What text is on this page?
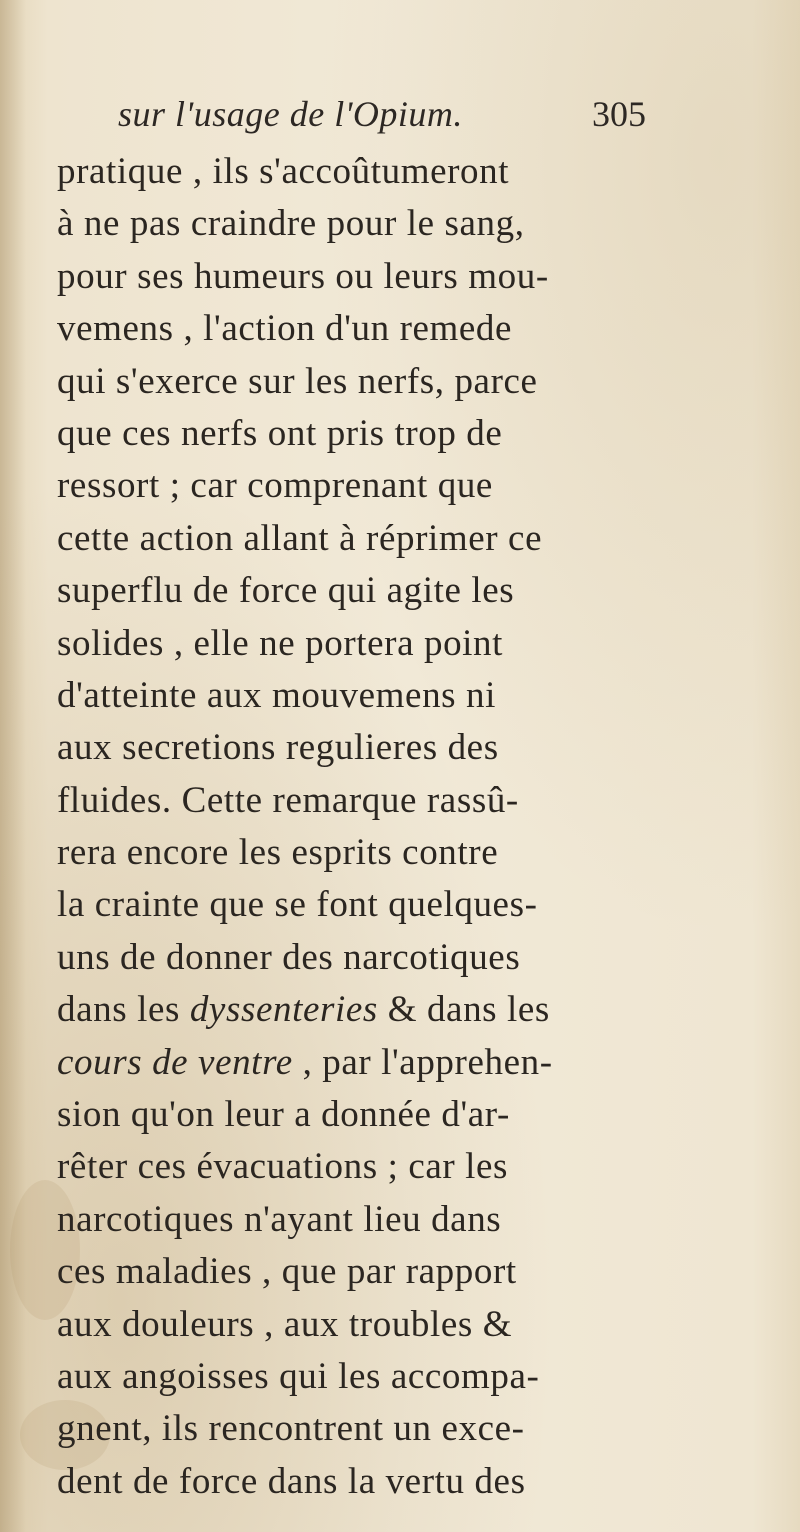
sur l'usage de l'Opium.	305
pratique , ils s'accoûtumeront
à ne pas craindre pour le sang,
pour ses humeurs ou leurs mou-
vemens , l'action d'un remede
qui s'exerce sur les nerfs, parce
que ces nerfs ont pris trop de
ressort ; car comprenant que
cette action allant à réprimer ce
superflu de force qui agite les
solides , elle ne portera point
d'atteinte aux mouvemens ni
aux secretions regulieres des
fluides. Cette remarque rassû-
rera encore les esprits contre
la crainte que se font quelques-
uns de donner des narcotiques
dans les dyssenteries & dans les
cours de ventre , par l'apprehen-
sion qu'on leur a donnée d'ar-
rêter ces évacuations ; car les
narcotiques n'ayant lieu dans
ces maladies , que par rapport
aux douleurs , aux troubles &
aux angoisses qui les accompa-
gnent, ils rencontrent un exce-
dent de force dans la vertu des
